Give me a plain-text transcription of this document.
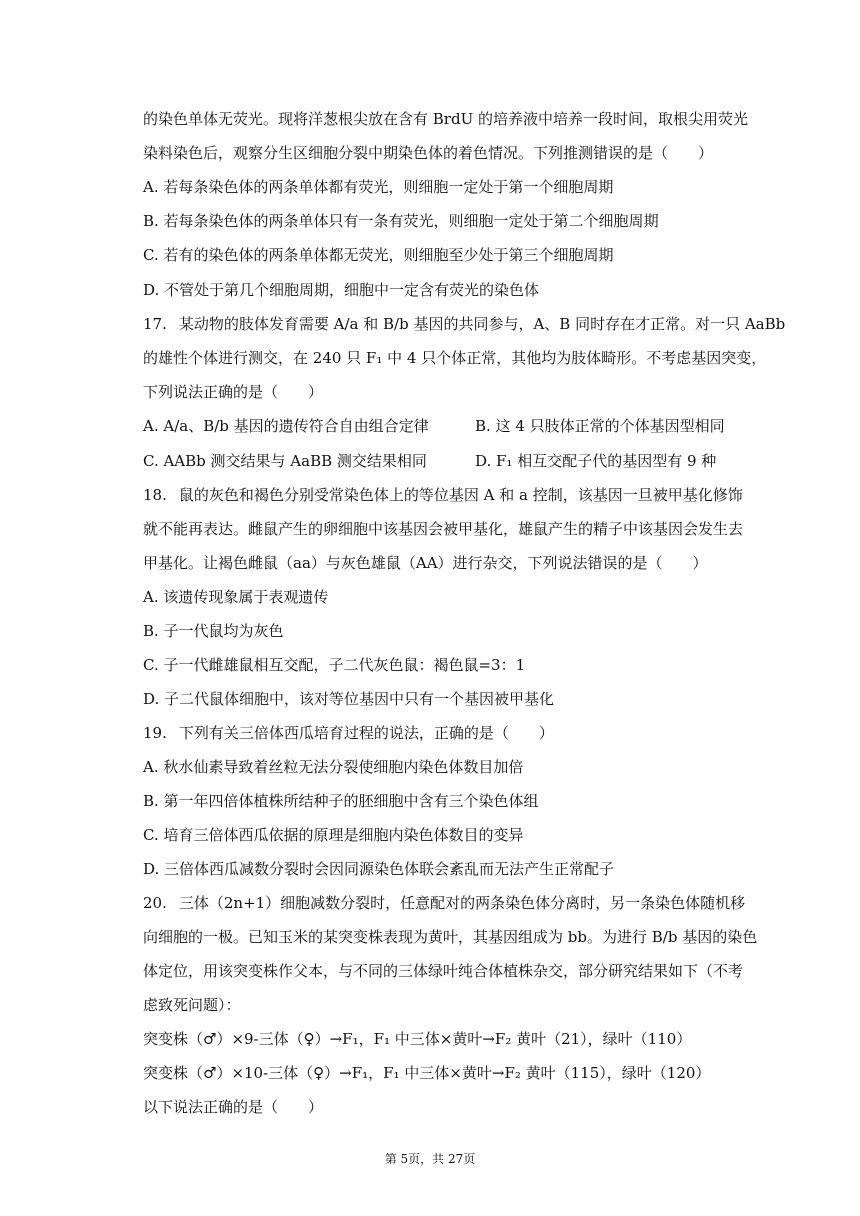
的染色单体无荧光。现将洋葱根尖放在含有 BrdU 的培养液中培养一段时间，取根尖用荧光
染料染色后，观察分生区细胞分裂中期染色体的着色情况。下列推测错误的是（　　）
A. 若每条染色体的两条单体都有荧光，则细胞一定处于第一个细胞周期
B. 若每条染色体的两条单体只有一条有荧光，则细胞一定处于第二个细胞周期
C. 若有的染色体的两条单体都无荧光，则细胞至少处于第三个细胞周期
D. 不管处于第几个细胞周期，细胞中一定含有荧光的染色体
17. 某动物的肢体发育需要 A/a 和 B/b 基因的共同参与，A、B 同时存在才正常。对一只 AaBb
的雄性个体进行测交，在 240 只 F₁ 中 4 只个体正常，其他均为肢体畸形。不考虑基因突变，
下列说法正确的是（　　）
A. A/a、B/b 基因的遗传符合自由组合定律	B. 这 4 只肢体正常的个体基因型相同
C. AABb 测交结果与 AaBB 测交结果相同	D. F₁ 相互交配子代的基因型有 9 种
18. 鼠的灰色和褐色分别受常染色体上的等位基因 A 和 a 控制，该基因一旦被甲基化修饰
就不能再表达。雌鼠产生的卵细胞中该基因会被甲基化，雄鼠产生的精子中该基因会发生去
甲基化。让褐色雌鼠（aa）与灰色雄鼠（AA）进行杂交，下列说法错误的是（　　）
A. 该遗传现象属于表观遗传
B. 子一代鼠均为灰色
C. 子一代雌雄鼠相互交配，子二代灰色鼠：褐色鼠=3：1
D. 子二代鼠体细胞中，该对等位基因中只有一个基因被甲基化
19. 下列有关三倍体西瓜培育过程的说法，正确的是（　　）
A. 秋水仙素导致着丝粒无法分裂使细胞内染色体数目加倍
B. 第一年四倍体植株所结种子的胚细胞中含有三个染色体组
C. 培育三倍体西瓜依据的原理是细胞内染色体数目的变异
D. 三倍体西瓜减数分裂时会因同源染色体联会紊乱而无法产生正常配子
20. 三体（2n+1）细胞减数分裂时，任意配对的两条染色体分离时，另一条染色体随机移
向细胞的一极。已知玉米的某突变株表现为黄叶，其基因组成为 bb。为进行 B/b 基因的染色
体定位，用该突变株作父本，与不同的三体绿叶纯合体植株杂交，部分研究结果如下（不考
虑致死问题）：
突变株（♂）×9-三体（♀）→F₁，F₁ 中三体×黄叶→F₂ 黄叶（21），绿叶（110）
突变株（♂）×10-三体（♀）→F₁，F₁ 中三体×黄叶→F₂ 黄叶（115），绿叶（120）
以下说法正确的是（　　）
第 5页，共 27页
